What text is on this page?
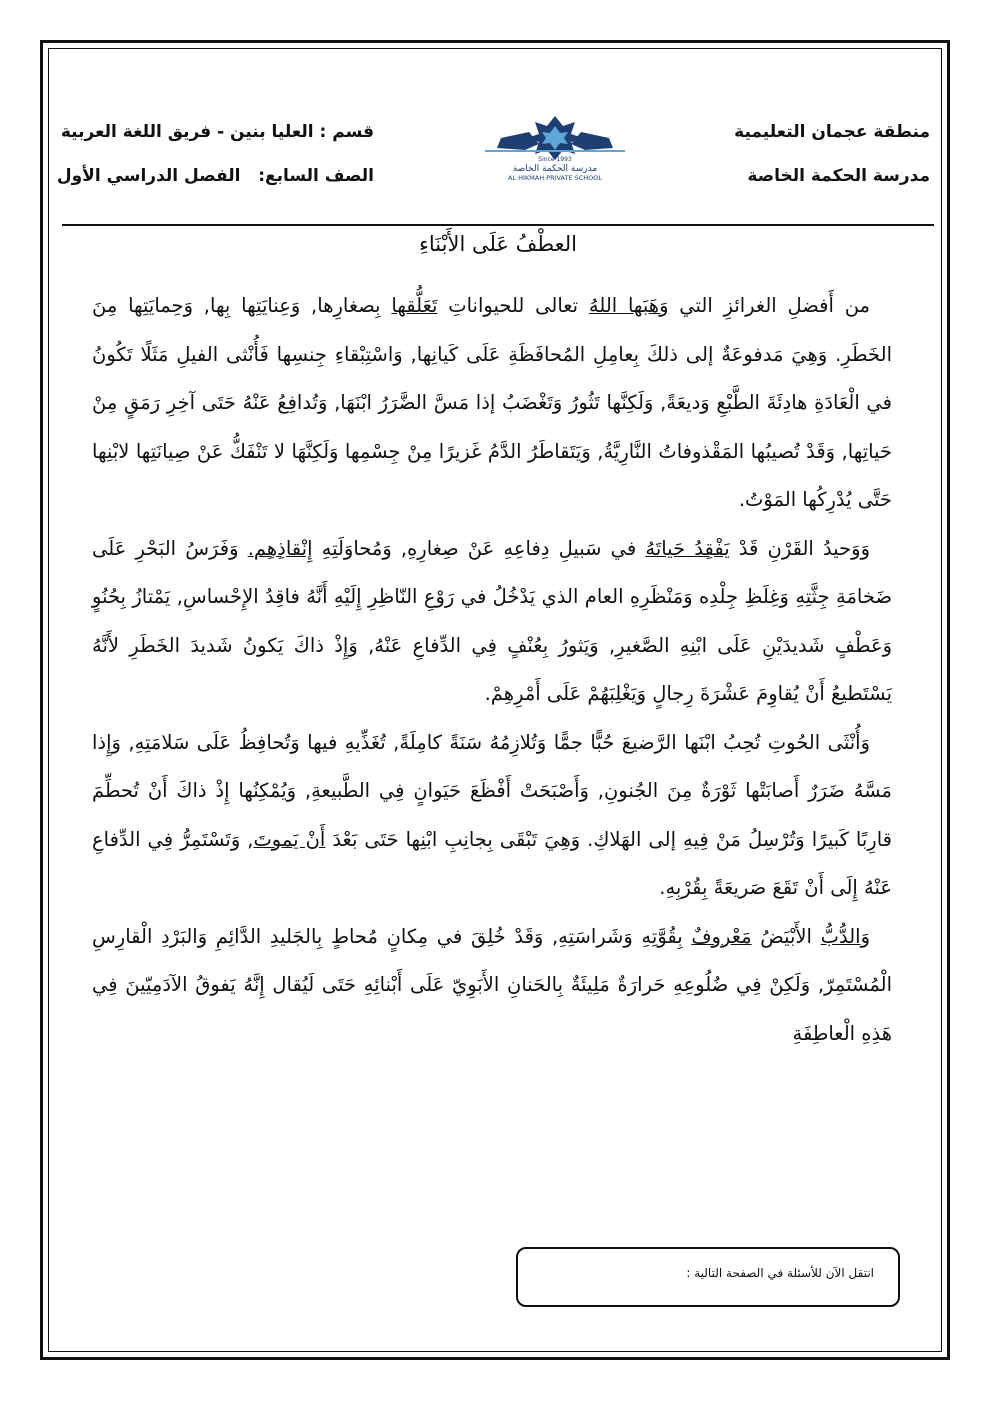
منطقة عجمان التعليمية
مدرسة الحكمة الخاصة
Since 1993
مدرسة الحكمة الخاصة
AL HIKMAH PRIVATE SCHOOL
قسم : العليا بنين - فريق اللغة العربية
الصف السابع:   الفصل الدراسي الأول
العطْفُ عَلَى الأَبْنَاءِ

من أَفضلِ الغرائزِ التي وَهَبَها اللهُ تعالى للحيواناتِ تَعَلُّقها بِصغارِها, وَعِنايَتِها بِها, وَحِمايَتِها مِنَ الخَطَرِ. وَهِيَ مَدفوعَةٌ إلى ذلكَ بِعامِلِ المُحافَظَةِ عَلَى كَيانِها, وَاسْتِبْقاءِ جِنسِها فَأُنْثى الفيلِ مَثَلًا تَكُونُ في الْعَادَةِ هادِئَةَ الطَّبْعِ وَديعَةً, وَلَكِنَّها تَثُورُ وَتَغْضَبُ إذا مَسَّ الضَّرَرُ ابْنَهَا, وَتُدافِعُ عَنْهُ حَتَى آخِرِ رَمَقٍ مِنْ حَياتِها, وَقَدْ تُصيبُها المَقْذوفاتُ النَّارِيَّةُ, وَيَتَقاطَرُ الدَّمُ غَزيرًا مِنْ جِسْمِها وَلَكِنَّهَا لا تَنْفَكُّ عَنْ صِيانَتِها لابْنِها حَتَّى يُدْرِكُها المَوْتُ.

وَوَحيدُ القَرْنِ قَدْ يَفْقِدُ حَياتَهُ في سَبيلِ دِفاعِهِ عَنْ صِغارِهِ, وَمُحاوَلَتِهِ إِنْقاذِهِم. وَفَرَسُ البَحْرِ عَلَى ضَخامَةِ جِثَّتِهِ وَغِلَظِ جِلْدِه وَمَنْظَرِهِ العام الذي يَدْخُلُ في رَوْعِ النّاظِرِ إِلَيْهِ أَنَّهُ فاقِدُ الإِحْساسِ, يَمْتازُ بِحُنُوٍ وَعَطْفٍ شَديدَيْنِ عَلَى ابْنِهِ الصَّغيرِ, وَيَثورُ بِعُنْفٍ فِي الدِّفاعِ عَنْهُ, وَإِذْ ذاكَ يَكونُ شَديدَ الخَطَرِ لأَنَّهُ يَسْتَطيعُ أَنْ يُقاوِمَ عَشْرَةَ رِجالٍ وَيَغْلِبَهُمْ عَلَى أَمْرِهِمْ.

وَأُنْثَى الحُوتِ تُحِبُ ابْنَها الرَّضيعَ حُبًّا جمًّا وَتُلازِمُهُ سَنَةً كامِلَةً, تُغَذِّيهِ فيها وَتُحافِظُ عَلَى سَلامَتِهِ, وَإِذا مَسَّهُ ضَرَرٌ أَصابَتْها ثَوْرَةٌ مِنَ الجُنونِ, وَأَصْبَحَتْ أَفْظَعَ حَيَوانٍ فِي الطَّبيعةِ, وَيُمْكِنُها إِذْ ذاكَ أَنْ تُحطِّمَ قارِبًا كَبيرًا وَتُرْسِلُ مَنْ فِيهِ إلى الهَلاكِ. وَهِيَ تَبْقَى بِجانِبِ ابْنِها حَتَى بَعْدَ أَنْ يَموتَ, وَتَسْتَمِرُّ فِي الدِّفاعِ عَنْهُ إِلَى أَنْ تَقَعَ صَريعَةً بِقُرْبِهِ.

وَالدُّبُّ الأَبْيَضُ مَعْروفٌ بِقُوَّتِهِ وَشَراسَتِهِ, وَقَدْ خُلِقَ في مِكانٍ مُحاطٍ بِالجَليدِ الدَّائِمِ وَالبَرْدِ الْقارِسِ الْمُسْتَمِرّ, وَلَكِنْ فِي ضُلُوعِهِ حَرارَةٌ مَلِيئَةٌ بِالحَنانِ الأَبَوِيّ عَلَى أَبْنائِهِ حَتَى لَيُقال إِنَّهُ يَفوقُ الآدَمِيّينَ فِي هَذِهِ الْعاطِفَةِ

انتقل الآن للأسئلة في الصفحة التالية :
